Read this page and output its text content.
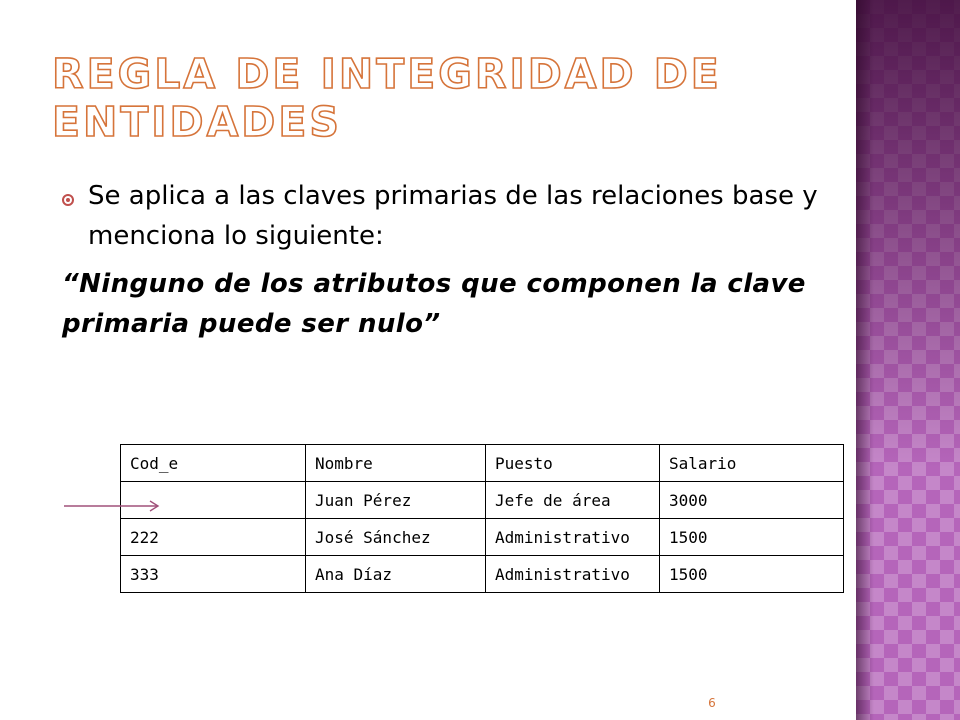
REGLA DE INTEGRIDAD DE
ENTIDADES
Se aplica a las claves primarias de las relaciones base y menciona lo siguiente:
“Ninguno de los atributos que componen la clave primaria puede ser nulo”
Cod_e	Nombre	Puesto	Salario
	Juan Pérez	Jefe de área	3000
222	José Sánchez	Administrativo	1500
333	Ana Díaz	Administrativo	1500
6
